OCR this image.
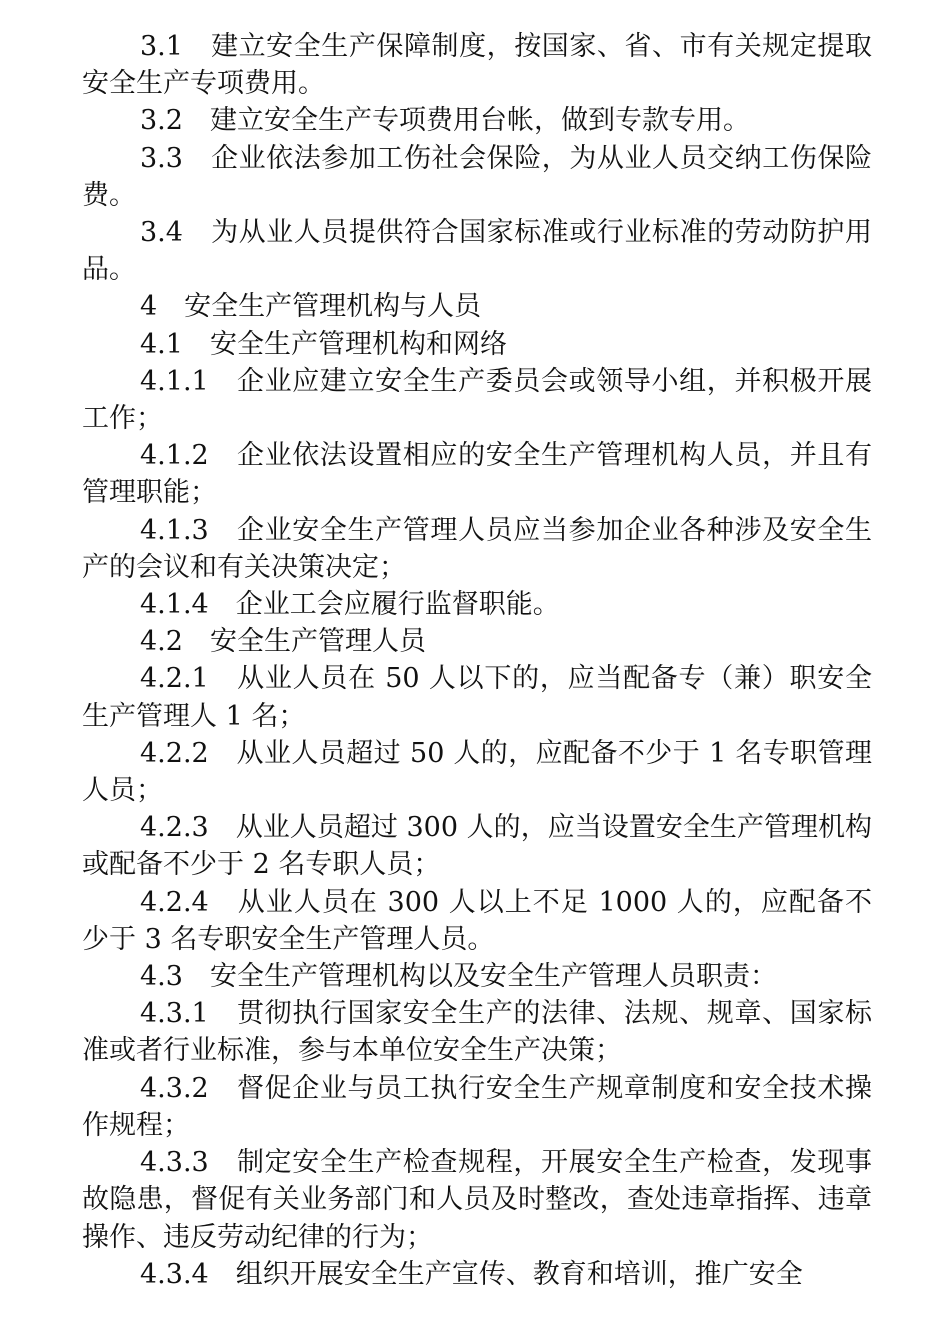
3.1　建立安全生产保障制度，按国家、省、市有关规定提取安全生产专项费用。

3.2　建立安全生产专项费用台帐，做到专款专用。

3.3　企业依法参加工伤社会保险，为从业人员交纳工伤保险费。

3.4　为从业人员提供符合国家标准或行业标准的劳动防护用品。

4　安全生产管理机构与人员

4.1　安全生产管理机构和网络

4.1.1　企业应建立安全生产委员会或领导小组，并积极开展工作；

4.1.2　企业依法设置相应的安全生产管理机构人员，并且有管理职能；

4.1.3　企业安全生产管理人员应当参加企业各种涉及安全生产的会议和有关决策决定；

4.1.4　企业工会应履行监督职能。

4.2　安全生产管理人员

4.2.1　从业人员在 50 人以下的，应当配备专（兼）职安全生产管理人 1 名；

4.2.2　从业人员超过 50 人的，应配备不少于 1 名专职管理人员；

4.2.3　从业人员超过 300 人的，应当设置安全生产管理机构或配备不少于 2 名专职人员；

4.2.4　从业人员在 300 人以上不足 1000 人的，应配备不少于 3 名专职安全生产管理人员。

4.3　安全生产管理机构以及安全生产管理人员职责：

4.3.1　贯彻执行国家安全生产的法律、法规、规章、国家标准或者行业标准，参与本单位安全生产决策；

4.3.2　督促企业与员工执行安全生产规章制度和安全技术操作规程；

4.3.3　制定安全生产检查规程，开展安全生产检查，发现事故隐患，督促有关业务部门和人员及时整改，查处违章指挥、违章操作、违反劳动纪律的行为；

4.3.4　组织开展安全生产宣传、教育和培训，推广安全
